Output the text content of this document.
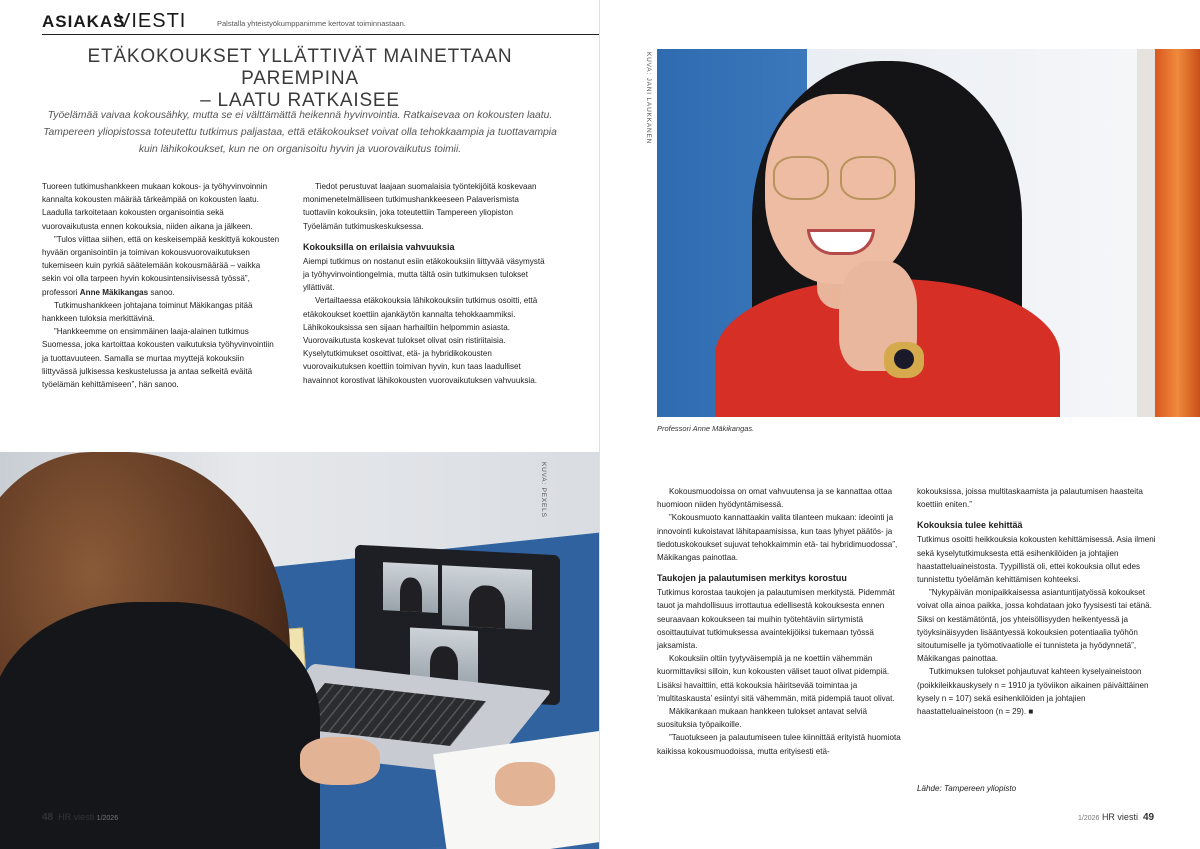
ASIAKAS
VIESTI	Palstalla yhteistyökumppanimme kertovat toiminnastaan.
ETÄKOKOUKSET YLLÄTTIVÄT MAINETTAAN PAREMPINA
– LAATU RATKAISEE
Työelämää vaivaa kokousähky, mutta se ei välttämättä heikennä hyvinvointia. Ratkaisevaa on kokousten laatu. Tampereen yliopistossa toteutettu tutkimus paljastaa, että etäkokoukset voivat olla tehokkaampia ja tuottavampia kuin lähikokoukset, kun ne on organisoitu hyvin ja vuorovaikutus toimii.

Tuoreen tutkimushankkeen mukaan kokous- ja työhyvinvoinnin kannalta kokousten määrää tärkeämpää on kokousten laatu. Laadulla tarkoitetaan kokousten organisointia sekä vuorovaikutusta ennen kokouksia, niiden aikana ja jälkeen.

”Tulos viittaa siihen, että on keskeisempää keskittyä kokousten hyvään organisointiin ja toimivan kokousvuorovaikutuksen tukemiseen kuin pyrkiä säätelemään kokousmäärää – vaikka sekin voi olla tarpeen hyvin kokousintensiivisessä työssä”, professori Anne Mäkikangas sanoo.

Tutkimushankkeen johtajana toiminut Mäkikangas pitää hankkeen tuloksia merkittävinä.

”Hankkeemme on ensimmäinen laaja-alainen tutkimus Suomessa, joka kartoittaa kokousten vaikutuksia työhyvinvointiin ja tuottavuuteen. Samalla se murtaa myyttejä kokouksiin liittyvässä julkisessa keskustelussa ja antaa selkeitä eväitä työelämän kehittämiseen”, hän sanoo.

Tiedot perustuvat laajaan suomalaisia työntekijöitä koskevaan monimenetelmälliseen tutkimushankkeeseen Palaverismista tuottaviin kokouksiin, joka toteutettiin Tampereen yliopiston Työelämän tutkimuskeskuksessa.

Kokouksilla on erilaisia vahvuuksia

Aiempi tutkimus on nostanut esiin etäkokouksiin liittyvää väsymystä ja työhyvinvointiongelmia, mutta tältä osin tutkimuksen tulokset yllättivät.

Vertailtaessa etäkokouksia lähikokouksiin tutkimus osoitti, että etäkokoukset koettiin ajankäytön kannalta tehokkaammiksi. Lähikokouksissa sen sijaan harhailtiin helpommin asiasta. Vuorovaikutusta koskevat tulokset olivat osin ristiriitaisia. Kyselytutkimukset osoittivat, etä- ja hybridikokousten vuorovaikutuksen koettiin toimivan hyvin, kun taas laadulliset havainnot korostivat lähikokousten vuorovaikutuksen vahvuuksia.

KUVA: PEXELS
48 HR viesti 1/2026
KUVA: JANI LAUKKANEN
Professori Anne Mäkikangas.

Kokousmuodoissa on omat vahvuutensa ja se kannattaa ottaa huomioon niiden hyödyntämisessä.

”Kokousmuoto kannattaakin valita tilanteen mukaan: ideointi ja innovointi kukoistavat lähitapaamisissa, kun taas lyhyet päätös- ja tiedotuskokoukset sujuvat tehokkaimmin etä- tai hybridimuodossa”, Mäkikangas painottaa.

Taukojen ja palautumisen merkitys korostuu

Tutkimus korostaa taukojen ja palautumisen merkitystä. Pidemmät tauot ja mahdollisuus irrottautua edellisestä kokouksesta ennen seuraavaan kokoukseen tai muihin työtehtäviin siirtymistä osoittautuivat tutkimuksessa avaintekijöiksi tukemaan työssä jaksamista.

Kokouksiin oltiin tyytyväisempiä ja ne koettiin vähemmän kuormittaviksi silloin, kun kokousten väliset tauot olivat pidempiä. Lisäksi havaittiin, että kokouksia häiritsevää toimintaa ja ’multitaskausta’ esiintyi sitä vähemmän, mitä pidempiä tauot olivat.

Mäkikankaan mukaan hankkeen tulokset antavat selviä suosituksia työpaikoille.

”Tauotukseen ja palautumiseen tulee kiinnittää erityistä huomiota kaikissa kokousmuodoissa, mutta erityisesti etä-

kokouksissa, joissa multitaskaamista ja palautumisen haasteita koettiin eniten.”

Kokouksia tulee kehittää

Tutkimus osoitti heikkouksia kokousten kehittämisessä. Asia ilmeni sekä kyselytutkimuksesta että esihenkilöiden ja johtajien haastatteluaineistosta. Tyypillistä oli, ettei kokouksia ollut edes tunnistettu työelämän kehittämisen kohteeksi.

”Nykypäivän monipaikkaisessa asiantuntijatyössä kokoukset voivat olla ainoa paikka, jossa kohdataan joko fyysisesti tai etänä. Siksi on kestämätöntä, jos yhteisöllisyyden heikentyessä ja työyksinäisyyden lisääntyessä kokouksien potentiaalia työhön sitoutumiselle ja työmotivaatiolle ei tunnisteta ja hyödynnetä”, Mäkikangas painottaa.

Tutkimuksen tulokset pohjautuvat kahteen kyselyaineistoon (poikkileikkauskysely n = 1910 ja työviikon aikainen päiväittäinen kysely n = 107) sekä esihenkilöiden ja johtajien haastatteluaineistoon (n = 29). ■

Lähde: Tampereen yliopisto
1/2026 HR viesti 49
